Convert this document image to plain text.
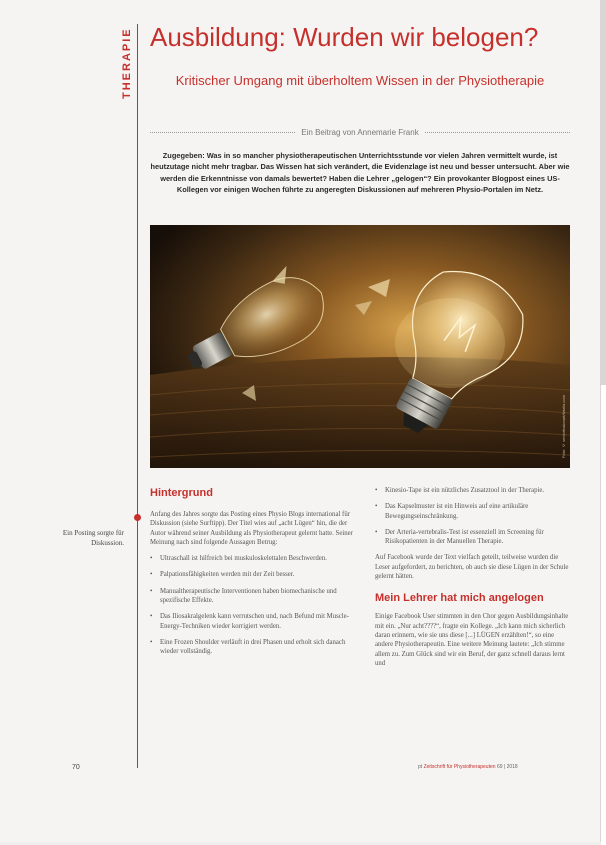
THERAPIE Ausbildung: Wurden wir belogen?
Kritischer Umgang mit überholtem Wissen in der Physiotherapie
Ein Beitrag von Annemarie Frank
Zugegeben: Was in so mancher physiotherapeutischen Unterrichtsstunde vor vielen Jahren vermittelt wurde, ist heutzutage nicht mehr tragbar. Das Wissen hat sich verändert, die Evidenzlage ist neu und besser untersucht. Aber wie werden die Erkenntnisse von damals bewertet? Haben die Lehrer „gelogen“? Ein provokanter Blogpost eines US-Kollegen vor einigen Wochen führte zu angeregten Diskussionen auf mehreren Physio-Portalen im Netz.
Foto: © vectorfusionart/fotolia.com
Ein Posting sorgte für Diskussion.
Hintergrund
Anfang des Jahres sorgte das Posting eines Physio Blogs international für Diskussion (siehe Surftipp). Der Titel wies auf „acht Lügen“ hin, die der Autor während seiner Ausbildung als Physiotherapeut gelernt hatte. Seiner Meinung nach sind folgende Aussagen Betrug:
• Ultraschall ist hilfreich bei muskuloskelettalen Beschwerden.
• Palpationsfähigkeiten werden mit der Zeit besser.
• Manualtherapeutische Interventionen haben biomechanische und spezifische Effekte.
• Das Iliosakralgelenk kann verrutschen und, nach Befund mit Muscle-Energy-Techniken wieder korrigiert werden.
• Eine Frozen Shoulder verläuft in drei Phasen und erholt sich danach wieder vollständig.
• Kinesio-Tape ist ein nützliches Zusatztool in der Therapie.
• Das Kapselmuster ist ein Hinweis auf eine artikuläre Bewegungseinschränkung.
• Der Arteria-vertebralis-Test ist essenziell im Screening für Risikopatienten in der Manuellen Therapie.
Auf Facebook wurde der Text vielfach geteilt, teilweise wurden die Leser aufgefordert, zu berichten, ob auch sie diese Lügen in der Schule gelernt hätten.
Mein Lehrer hat mich angelogen
Einige Facebook User stimmten in den Chor gegen Ausbildungsinhalte mit ein. „Nur acht????“, fragte ein Kollege. „Ich kann mich sicherlich daran erinnern, wie sie uns diese [...] LÜGEN erzählten!“, so eine andere Physiotherapeutin. Eine weitere Meinung lautete: „Ich stimme allem zu. Zum Glück sind wir ein Beruf, der ganz schnell daraus lernt und
70	pt Zeitschrift für Physiotherapeuten 69 | 2018
